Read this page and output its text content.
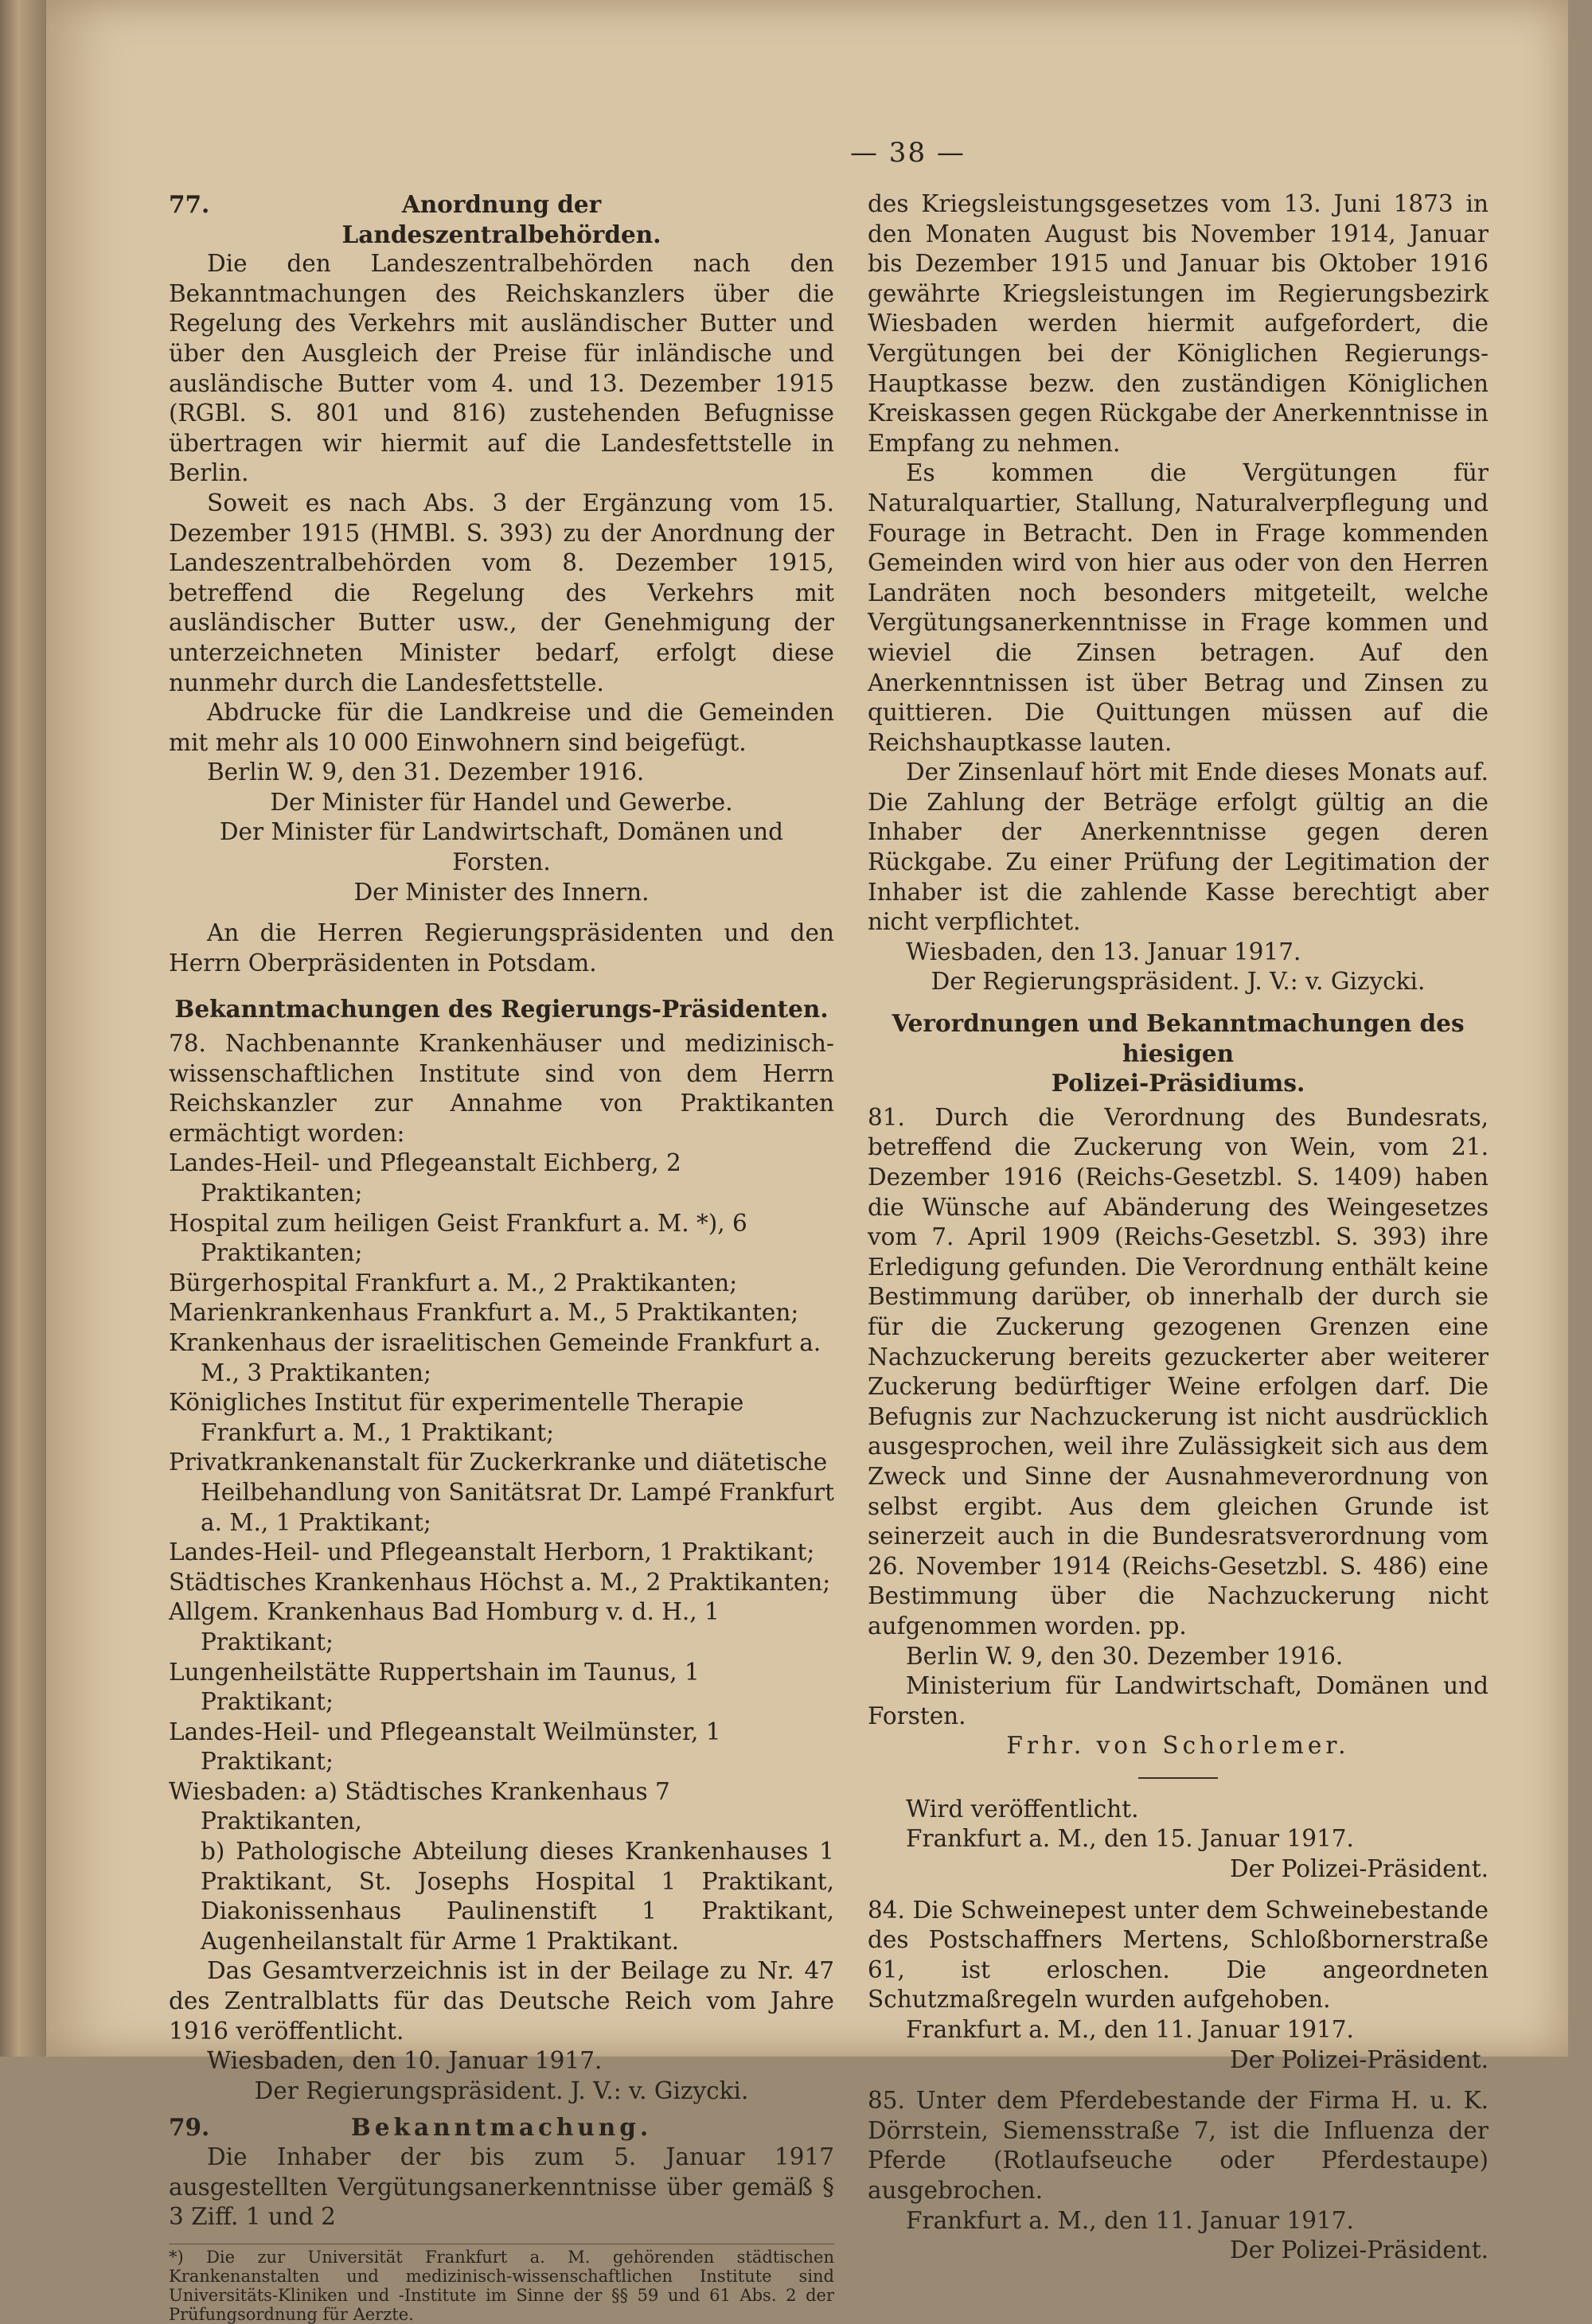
— 38 —
77.	Anordnung der Landeszentralbehörden.

Die den Landeszentralbehörden nach den Bekanntmachungen des Reichskanzlers über die Regelung des Verkehrs mit ausländischer Butter und über den Ausgleich der Preise für inländische und ausländische Butter vom 4. und 13. Dezember 1915 (RGBl. S. 801 und 816) zustehenden Befugnisse übertragen wir hiermit auf die Landesfettstelle in Berlin.

Soweit es nach Abs. 3 der Ergänzung vom 15. Dezember 1915 (HMBl. S. 393) zu der Anordnung der Landeszentralbehörden vom 8. Dezember 1915, betreffend die Regelung des Verkehrs mit ausländischer Butter usw., der Genehmigung der unterzeichneten Minister bedarf, erfolgt diese nunmehr durch die Landesfettstelle.

Abdrucke für die Landkreise und die Gemeinden mit mehr als 10 000 Einwohnern sind beigefügt.

Berlin W. 9, den 31. Dezember 1916.

Der Minister für Handel und Gewerbe.

Der Minister für Landwirtschaft, Domänen und Forsten.

Der Minister des Innern.

An die Herren Regierungspräsidenten und den Herrn Oberpräsidenten in Potsdam.

Bekanntmachungen des Regierungs-Präsidenten.

78. Nachbenannte Krankenhäuser und medizinisch-wissenschaftlichen Institute sind von dem Herrn Reichskanzler zur Annahme von Praktikanten ermächtigt worden:

Landes-Heil- und Pflegeanstalt Eichberg, 2 Praktikanten;

Hospital zum heiligen Geist Frankfurt a. M. *), 6 Praktikanten;

Bürgerhospital Frankfurt a. M., 2 Praktikanten;

Marienkrankenhaus Frankfurt a. M., 5 Praktikanten;

Krankenhaus der israelitischen Gemeinde Frankfurt a. M., 3 Praktikanten;

Königliches Institut für experimentelle Therapie Frankfurt a. M., 1 Praktikant;

Privatkrankenanstalt für Zuckerkranke und diätetische Heilbehandlung von Sanitätsrat Dr. Lampé Frankfurt a. M., 1 Praktikant;

Landes-Heil- und Pflegeanstalt Herborn, 1 Praktikant;

Städtisches Krankenhaus Höchst a. M., 2 Praktikanten;

Allgem. Krankenhaus Bad Homburg v. d. H., 1 Praktikant;

Lungenheilstätte Ruppertshain im Taunus, 1 Praktikant;

Landes-Heil- und Pflegeanstalt Weilmünster, 1 Praktikant;

Wiesbaden: a) Städtisches Krankenhaus 7 Praktikanten,

b) Pathologische Abteilung dieses Krankenhauses 1 Praktikant, St. Josephs Hospital 1 Praktikant, Diakonissenhaus Paulinenstift 1 Praktikant, Augenheilanstalt für Arme 1 Praktikant.

Das Gesamtverzeichnis ist in der Beilage zu Nr. 47 des Zentralblatts für das Deutsche Reich vom Jahre 1916 veröffentlicht.

Wiesbaden, den 10. Januar 1917.

Der Regierungspräsident. J. V.: v. Gizycki.

79.	Bekanntmachung.

Die Inhaber der bis zum 5. Januar 1917 ausgestellten Vergütungsanerkenntnisse über gemäß § 3 Ziff. 1 und 2

*) Die zur Universität Frankfurt a. M. gehörenden städtischen Krankenanstalten und medizinisch-wissenschaftlichen Institute sind Universitäts-Kliniken und -Institute im Sinne der §§ 59 und 61 Abs. 2 der Prüfungsordnung für Aerzte.

des Kriegsleistungsgesetzes vom 13. Juni 1873 in den Monaten August bis November 1914, Januar bis Dezember 1915 und Januar bis Oktober 1916 gewährte Kriegsleistungen im Regierungsbezirk Wiesbaden werden hiermit aufgefordert, die Vergütungen bei der Königlichen Regierungs-Hauptkasse bezw. den zuständigen Königlichen Kreiskassen gegen Rückgabe der Anerkenntnisse in Empfang zu nehmen.

Es kommen die Vergütungen für Naturalquartier, Stallung, Naturalverpflegung und Fourage in Betracht. Den in Frage kommenden Gemeinden wird von hier aus oder von den Herren Landräten noch besonders mitgeteilt, welche Vergütungsanerkenntnisse in Frage kommen und wieviel die Zinsen betragen. Auf den Anerkenntnissen ist über Betrag und Zinsen zu quittieren. Die Quittungen müssen auf die Reichshauptkasse lauten.

Der Zinsenlauf hört mit Ende dieses Monats auf. Die Zahlung der Beträge erfolgt gültig an die Inhaber der Anerkenntnisse gegen deren Rückgabe. Zu einer Prüfung der Legitimation der Inhaber ist die zahlende Kasse berechtigt aber nicht verpflichtet.

Wiesbaden, den 13. Januar 1917.

Der Regierungspräsident. J. V.: v. Gizycki.

Verordnungen und Bekanntmachungen des hiesigen

Polizei-Präsidiums.

81. Durch die Verordnung des Bundesrats, betreffend die Zuckerung von Wein, vom 21. Dezember 1916 (Reichs-Gesetzbl. S. 1409) haben die Wünsche auf Abänderung des Weingesetzes vom 7. April 1909 (Reichs-Gesetzbl. S. 393) ihre Erledigung gefunden. Die Verordnung enthält keine Bestimmung darüber, ob innerhalb der durch sie für die Zuckerung gezogenen Grenzen eine Nachzuckerung bereits gezuckerter aber weiterer Zuckerung bedürftiger Weine erfolgen darf. Die Befugnis zur Nachzuckerung ist nicht ausdrücklich ausgesprochen, weil ihre Zulässigkeit sich aus dem Zweck und Sinne der Ausnahmeverordnung von selbst ergibt. Aus dem gleichen Grunde ist seinerzeit auch in die Bundesratsverordnung vom 26. November 1914 (Reichs-Gesetzbl. S. 486) eine Bestimmung über die Nachzuckerung nicht aufgenommen worden. pp.

Berlin W. 9, den 30. Dezember 1916.

Ministerium für Landwirtschaft, Domänen und Forsten.

Frhr. von Schorlemer.

Wird veröffentlicht.

Frankfurt a. M., den 15. Januar 1917.

Der Polizei-Präsident.

84. Die Schweinepest unter dem Schweinebestande des Postschaffners Mertens, Schloßbornerstraße 61, ist erloschen. Die angeordneten Schutzmaßregeln wurden aufgehoben.

Frankfurt a. M., den 11. Januar 1917.

Der Polizei-Präsident.

85. Unter dem Pferdebestande der Firma H. u. K. Dörrstein, Siemensstraße 7, ist die Influenza der Pferde (Rotlaufseuche oder Pferdestaupe) ausgebrochen.

Frankfurt a. M., den 11. Januar 1917.

Der Polizei-Präsident.
